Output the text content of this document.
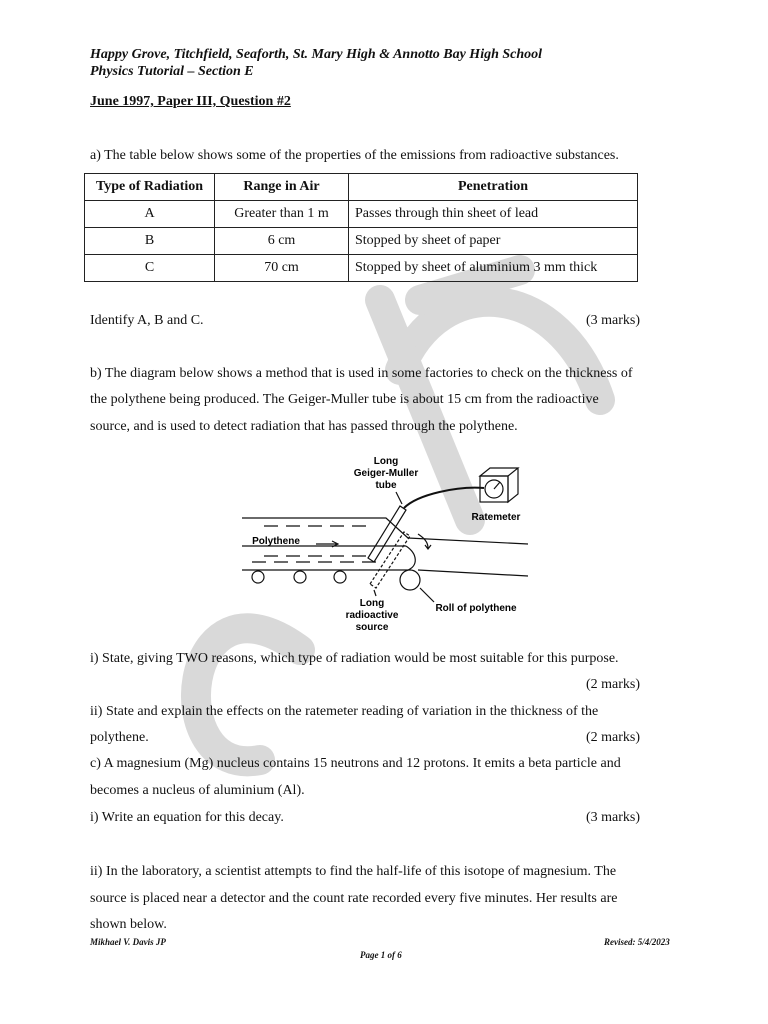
Happy Grove, Titchfield, Seaforth, St. Mary High & Annotto Bay High School
Physics Tutorial – Section E
June 1997, Paper III, Question #2
a) The table below shows some of the properties of the emissions from radioactive substances.
Type of Radiation	Range in Air	Penetration
A	Greater than 1 m	Passes through thin sheet of lead
B	6 cm	Stopped by sheet of paper
C	70 cm	Stopped by sheet of aluminium 3 mm thick
Identify A, B and C.	(3 marks)
b) The diagram below shows a method that is used in some factories to check on the thickness of
the polythene being produced. The Geiger-Muller tube is about 15 cm from the radioactive
source, and is used to detect radiation that has passed through the polythene.
Long
Geiger-Muller
tube
Ratemeter
Polythene
Long
radioactive
source
Roll of polythene
i) State, giving TWO reasons, which type of radiation would be most suitable for this purpose.
(2 marks)
ii) State and explain the effects on the ratemeter reading of variation in the thickness of the
polythene.	(2 marks)
c) A magnesium (Mg) nucleus contains 15 neutrons and 12 protons. It emits a beta particle and
becomes a nucleus of aluminium (Al).
i) Write an equation for this decay.	(3 marks)
ii) In the laboratory, a scientist attempts to find the half-life of this isotope of magnesium. The
source is placed near a detector and the count rate recorded every five minutes. Her results are
shown below.
Mikhael V. Davis JP	Revised: 5/4/2023
Page 1 of 6
